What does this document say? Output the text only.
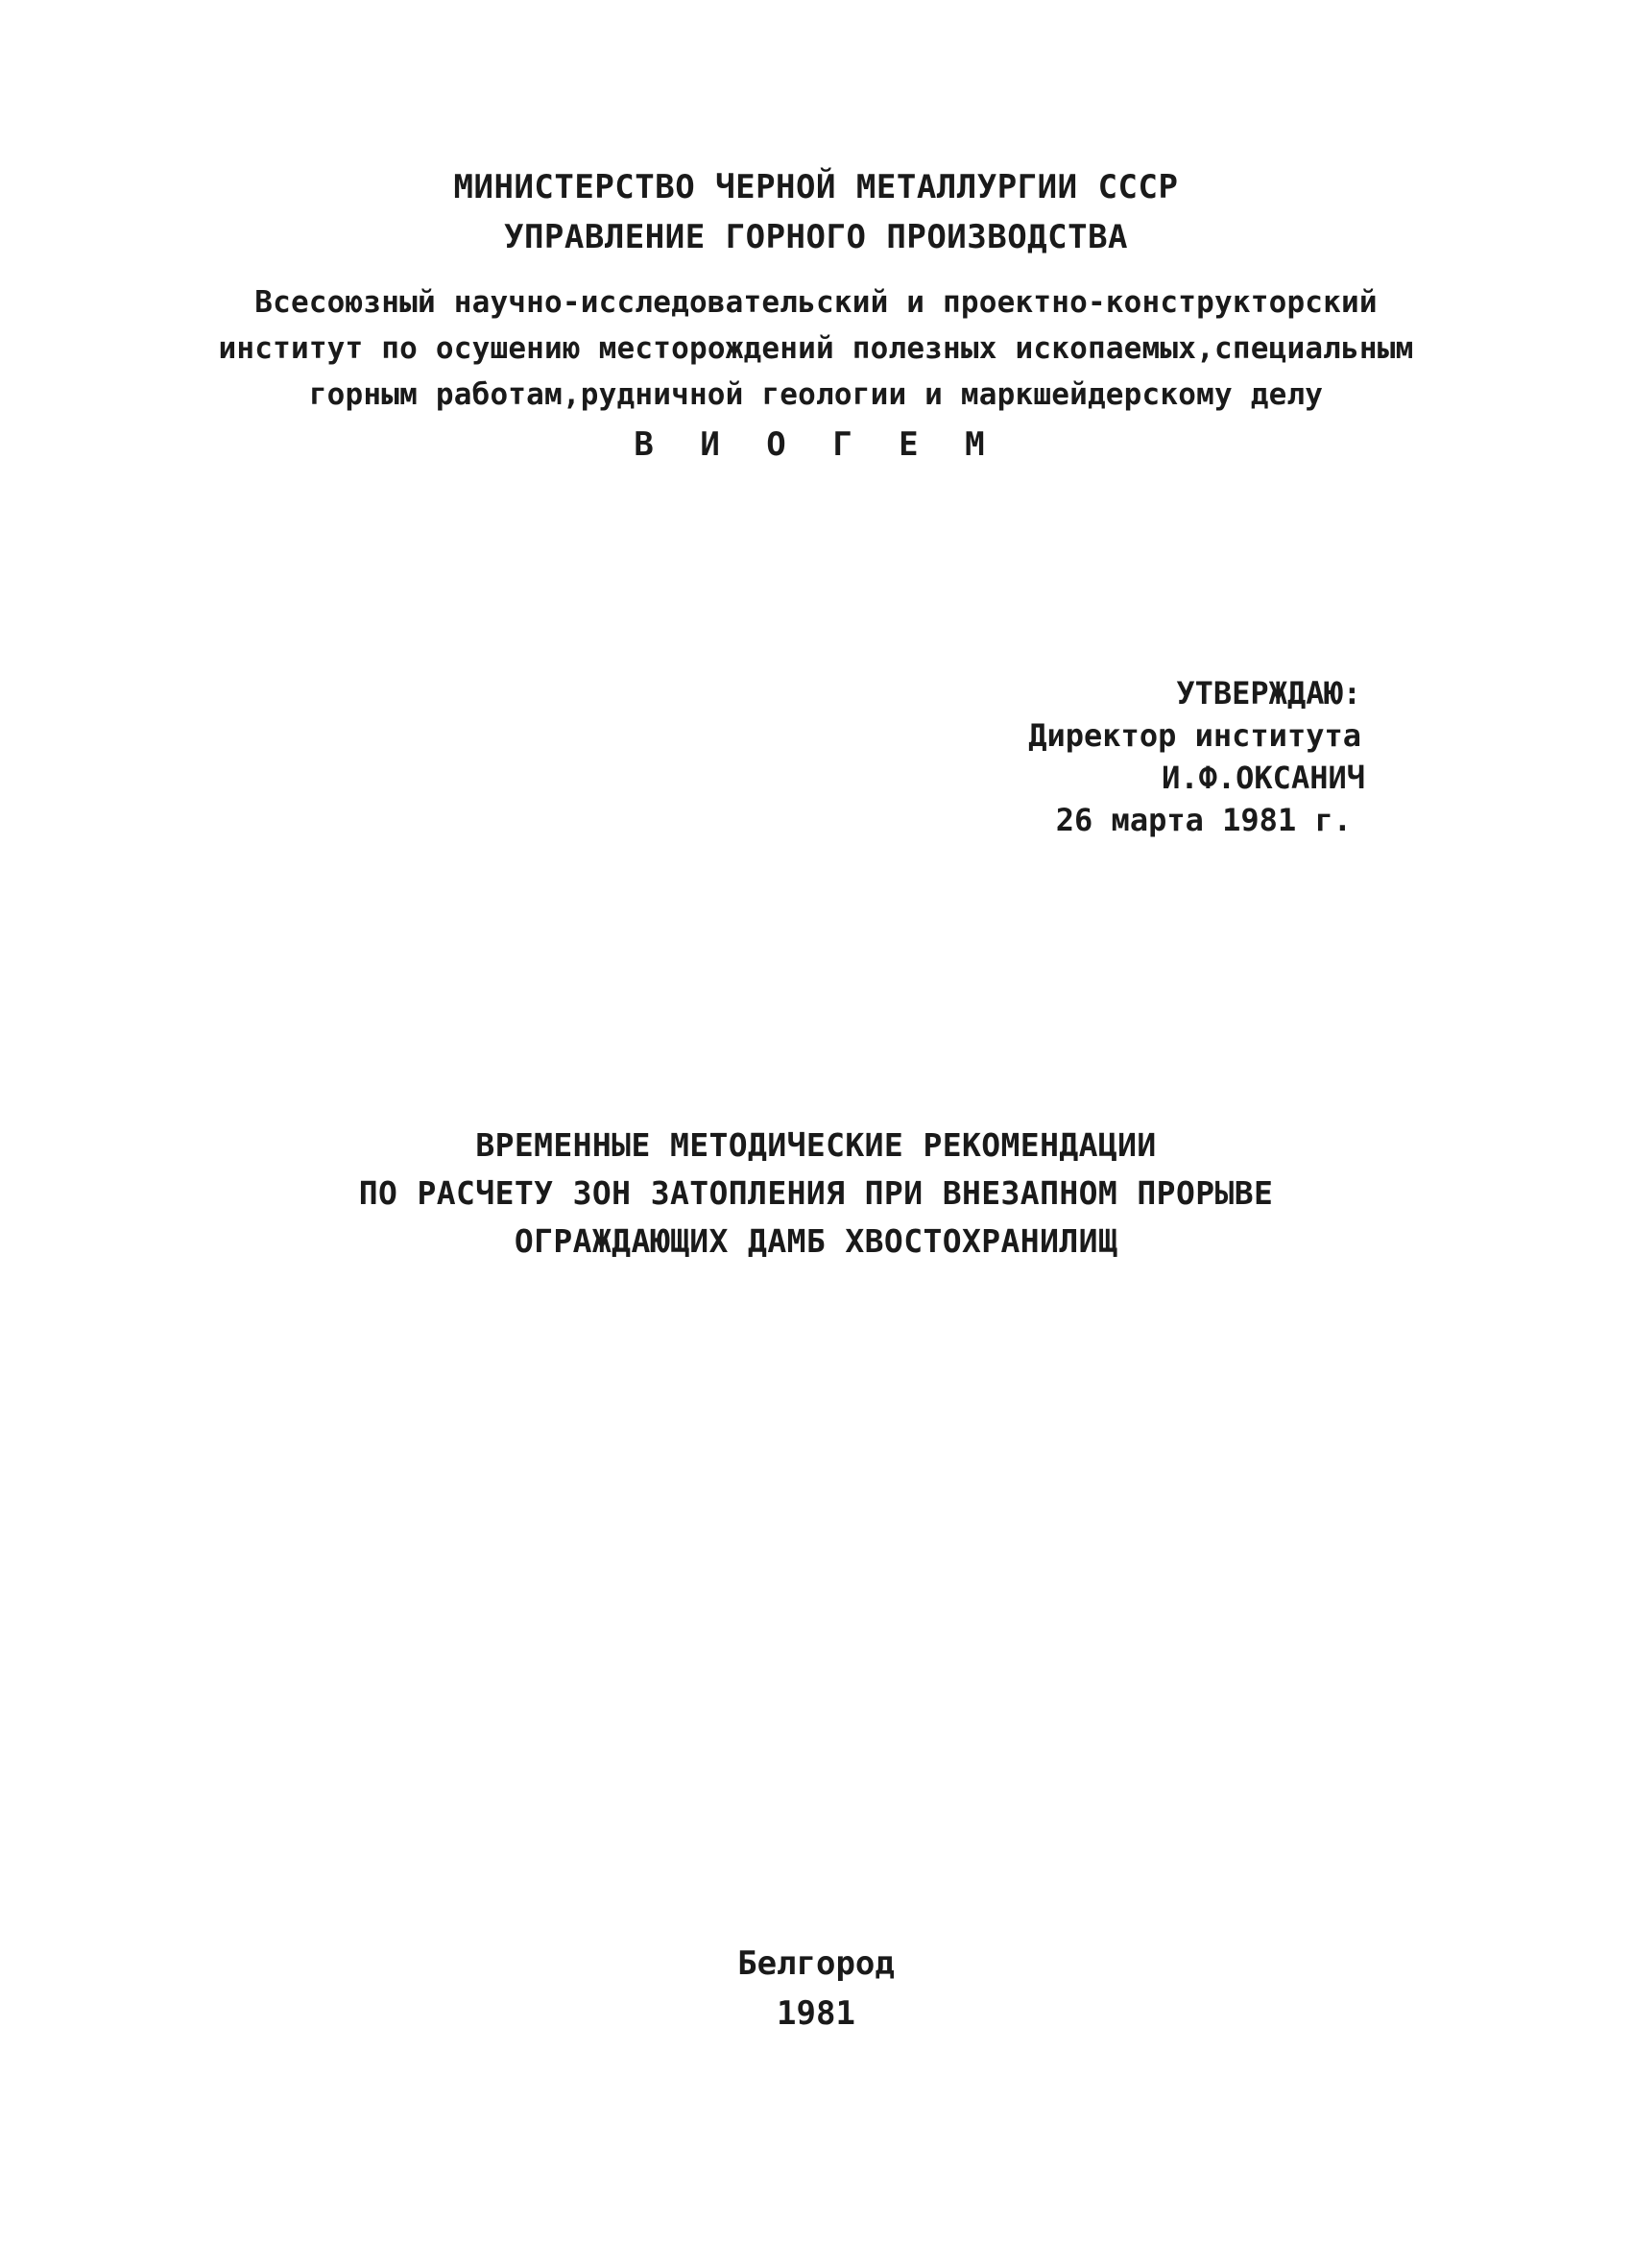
МИНИСТЕРСТВО ЧЕРНОЙ МЕТАЛЛУРГИИ СССР
УПРАВЛЕНИЕ ГОРНОГО ПРОИЗВОДСТВА
Всесоюзный научно-исследовательский и проектно-конструкторский
институт по осушению месторождений полезных ископаемых,специальным
горным работам,рудничной геологии и маркшейдерскому делу
В И О Г Е М
УТВЕРЖДАЮ:
Директор института
И.Ф.ОКСАНИЧ
26 марта 1981 г.
ВРЕМЕННЫЕ МЕТОДИЧЕСКИЕ РЕКОМЕНДАЦИИ
ПО РАСЧЕТУ ЗОН ЗАТОПЛЕНИЯ ПРИ ВНЕЗАПНОМ ПРОРЫВЕ
ОГРАЖДАЮЩИХ ДАМБ ХВОСТОХРАНИЛИЩ
Белгород
1981
